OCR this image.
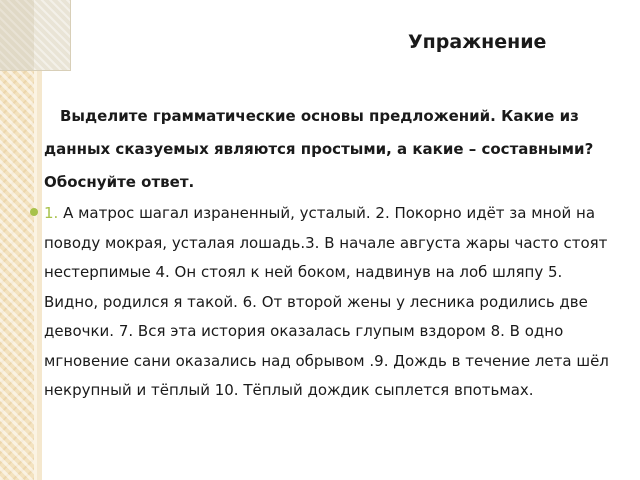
Упражнение
Выделите грамматические основы предложений. Какие из данных сказуемых являются простыми, а какие – составными? Обоснуйте ответ.
1. А матрос шагал израненный, усталый. 2. Покорно идёт за мной на поводу мокрая, усталая лошадь.3. В начале августа жары часто стоят нестерпимые 4. Он стоял к ней боком, надвинув на лоб шляпу 5. Видно, родился я такой. 6. От второй жены у лесника родились две девочки. 7. Вся эта история оказалась глупым вздором 8. В одно мгновение сани оказались над обрывом .9. Дождь в течение лета шёл некрупный и тёплый 10. Тёплый дождик сыплется впотьмах.
